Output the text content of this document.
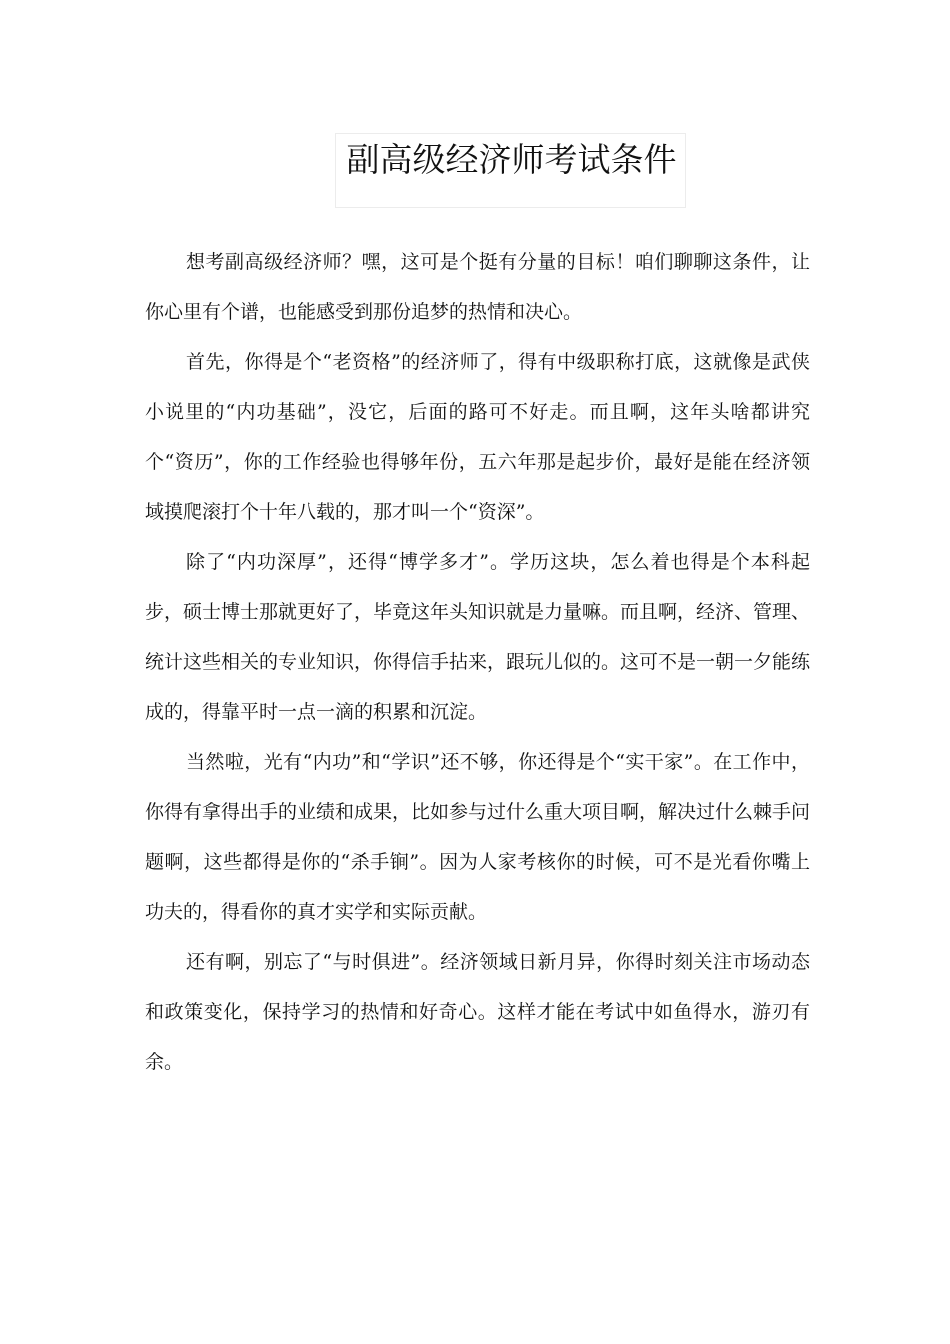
副高级经济师考试条件

想考副高级经济师？嘿，这可是个挺有分量的目标！咱们聊聊这条件，让你心里有个谱，也能感受到那份追梦的热情和决心。

首先，你得是个“老资格”的经济师了，得有中级职称打底，这就像是武侠小说里的“内功基础”，没它，后面的路可不好走。而且啊，这年头啥都讲究个“资历”，你的工作经验也得够年份，五六年那是起步价，最好是能在经济领域摸爬滚打个十年八载的，那才叫一个“资深”。

除了“内功深厚”，还得“博学多才”。学历这块，怎么着也得是个本科起步，硕士博士那就更好了，毕竟这年头知识就是力量嘛。而且啊，经济、管理、统计这些相关的专业知识，你得信手拈来，跟玩儿似的。这可不是一朝一夕能练成的，得靠平时一点一滴的积累和沉淀。

当然啦，光有“内功”和“学识”还不够，你还得是个“实干家”。在工作中，你得有拿得出手的业绩和成果，比如参与过什么重大项目啊，解决过什么棘手问题啊，这些都得是你的“杀手锏”。因为人家考核你的时候，可不是光看你嘴上功夫的，得看你的真才实学和实际贡献。

还有啊，别忘了“与时俱进”。经济领域日新月异，你得时刻关注市场动态和政策变化，保持学习的热情和好奇心。这样才能在考试中如鱼得水，游刃有余。
